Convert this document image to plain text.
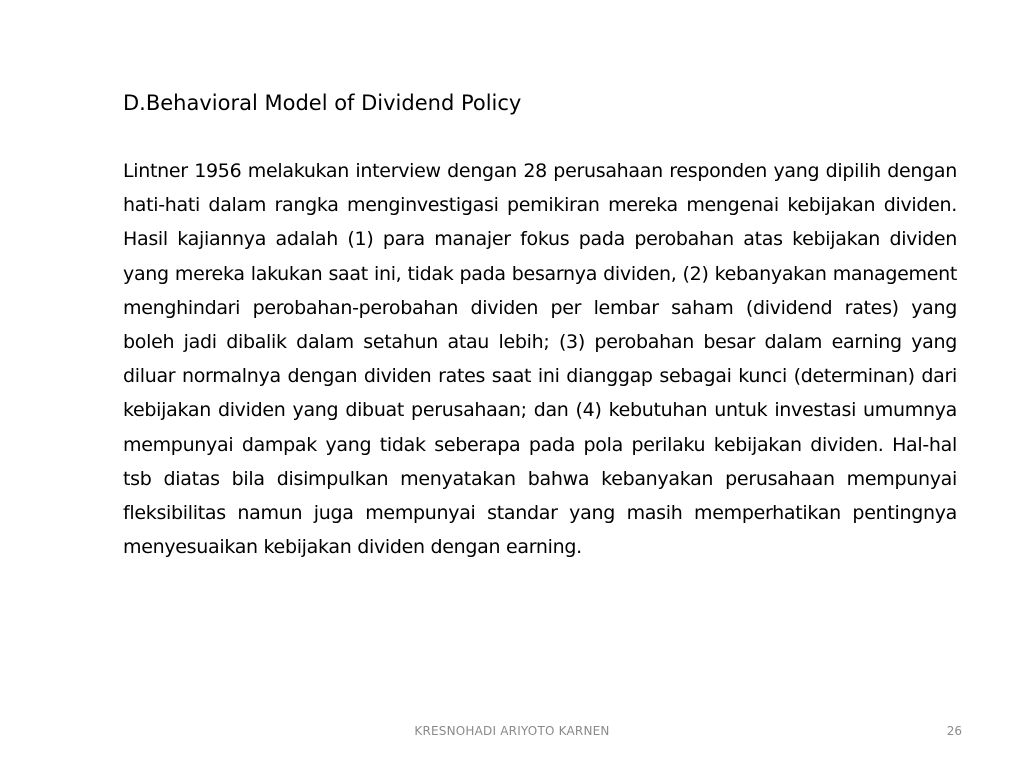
D.Behavioral Model of Dividend Policy
Lintner 1956 melakukan interview dengan 28 perusahaan responden yang dipilih dengan hati-hati dalam rangka menginvestigasi pemikiran mereka mengenai kebijakan dividen. Hasil kajiannya adalah (1) para manajer fokus pada perobahan atas kebijakan dividen yang mereka lakukan saat ini, tidak pada besarnya dividen, (2) kebanyakan management menghindari perobahan-perobahan dividen per lembar saham (dividend rates) yang boleh jadi dibalik dalam setahun atau lebih; (3) perobahan besar dalam earning yang diluar normalnya dengan dividen rates saat ini dianggap sebagai kunci (determinan) dari kebijakan dividen yang dibuat perusahaan; dan (4) kebutuhan untuk investasi umumnya mempunyai dampak yang tidak seberapa pada pola perilaku kebijakan dividen. Hal-hal tsb diatas bila disimpulkan menyatakan bahwa kebanyakan perusahaan mempunyai fleksibilitas namun juga mempunyai standar yang masih memperhatikan pentingnya menyesuaikan kebijakan dividen dengan earning.
KRESNOHADI ARIYOTO KARNEN	26
